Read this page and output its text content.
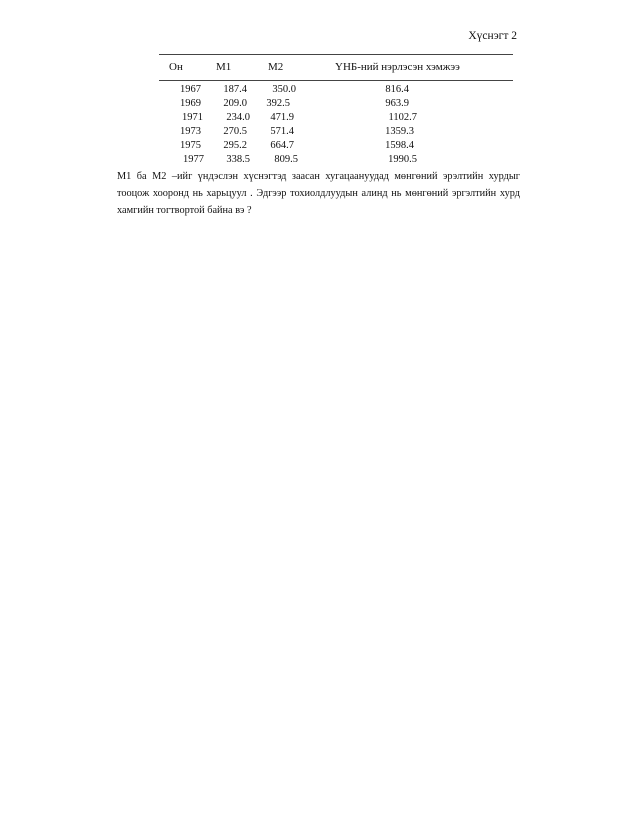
Хүснэгт 2
Он	M1	M2	ҮНБ-ний нэрлэсэн хэмжээ
1967	187.4	350.0	816.4
1969	209.0	392.5	963.9
1971	234.0	471.9	1102.7
1973	270.5	571.4	1359.3
1975	295.2	664.7	1598.4
1977	338.5	809.5	1990.5
M1 ба M2 –ийг үндэслэн хүснэгтэд заасан хугацаануудад мөнгөний эрэлтийн хурдыг тооцож хооронд нь харьцуул . Эдгээр тохиолдлуудын алинд нь мөнгөний эргэлтийн хурд хамгийн тогтвортой байна вэ ?
